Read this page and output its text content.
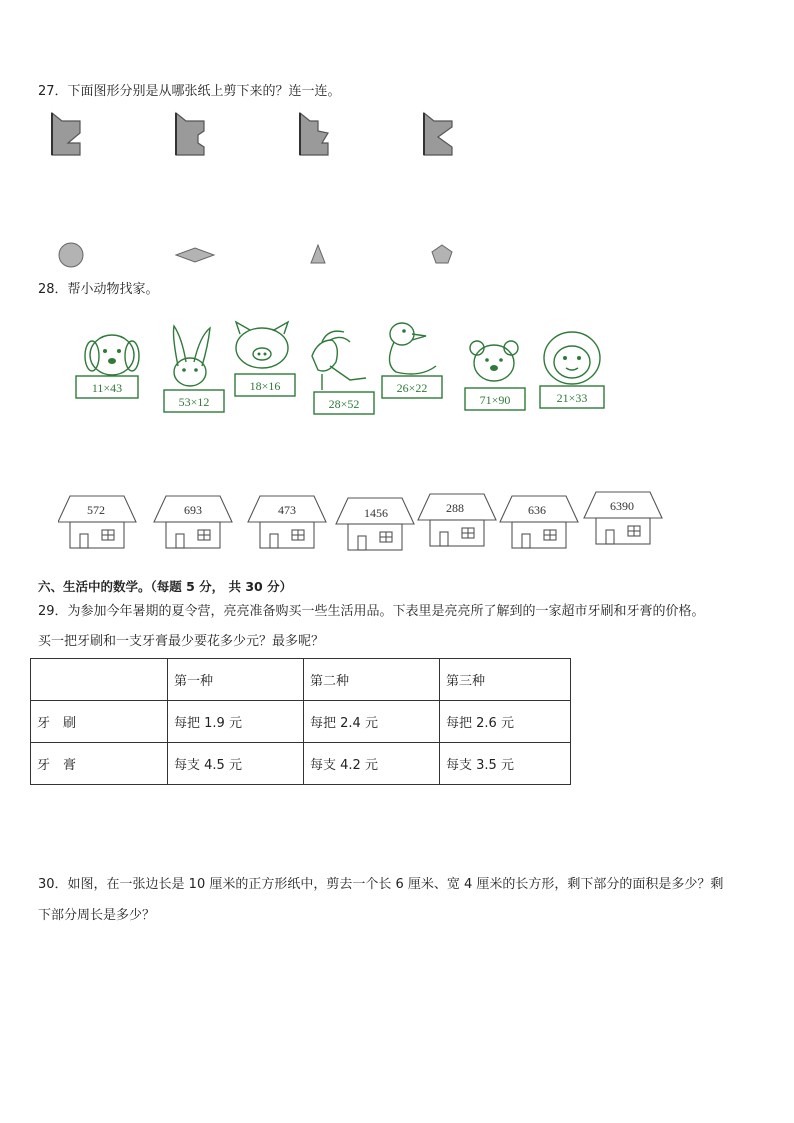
27．下面图形分别是从哪张纸上剪下来的？连一连。
28．帮小动物找家。
11×43
53×12
18×16
28×52
26×22
71×90	21×33
572	693	473	1456	288	636	6390
六、生活中的数学。（每题 5 分， 共 30 分）
29．为参加今年暑期的夏令营，亮亮准备购买一些生活用品。下表里是亮亮所了解到的一家超市牙刷和牙膏的价格。
买一把牙刷和一支牙膏最少要花多少元？最多呢？
	第一种	第二种	第三种
牙　刷	每把 1.9 元	每把 2.4 元	每把 2.6 元
牙　膏	每支 4.5 元	每支 4.2 元	每支 3.5 元
30．如图，在一张边长是 10 厘米的正方形纸中，剪去一个长 6 厘米、宽 4 厘米的长方形，剩下部分的面积是多少？剩
下部分周长是多少？
